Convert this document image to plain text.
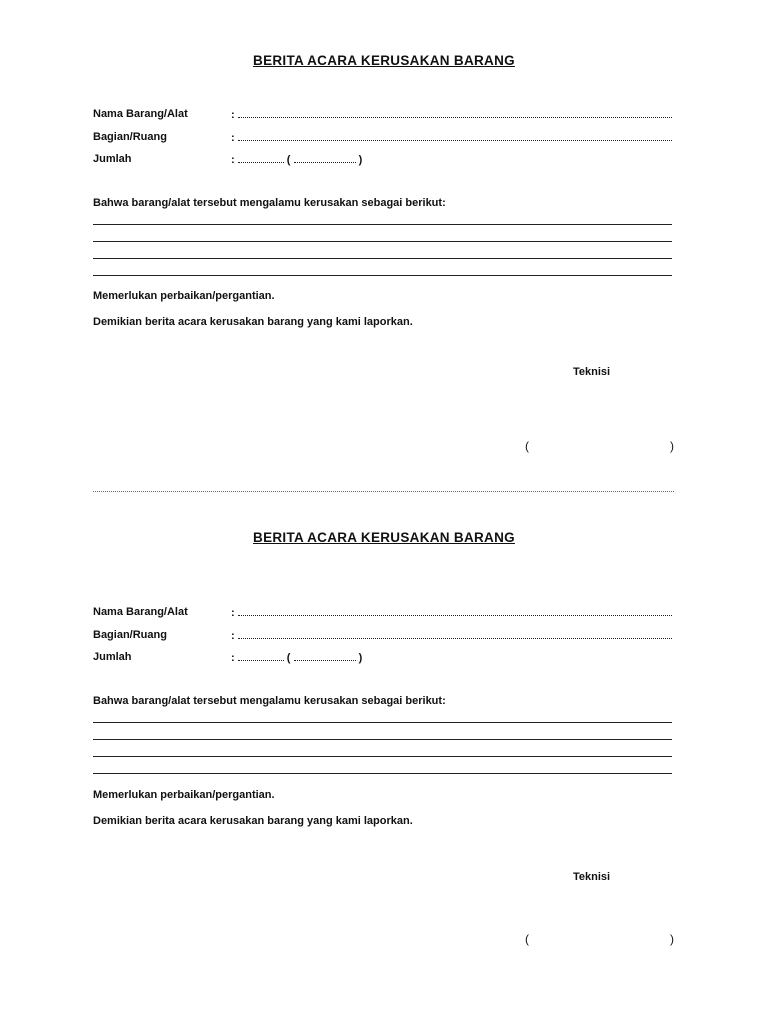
BERITA ACARA KERUSAKAN BARANG
Nama Barang/Alat	:
Bagian/Ruang	:
Jumlah	:	(	)
Bahwa barang/alat tersebut mengalamu kerusakan sebagai berikut:
Memerlukan perbaikan/pergantian.
Demikian berita acara kerusakan barang yang kami laporkan.
Teknisi
(	)
BERITA ACARA KERUSAKAN BARANG
Nama Barang/Alat	:
Bagian/Ruang	:
Jumlah	:	(	)
Bahwa barang/alat tersebut mengalamu kerusakan sebagai berikut:
Memerlukan perbaikan/pergantian.
Demikian berita acara kerusakan barang yang kami laporkan.
Teknisi
(	)
